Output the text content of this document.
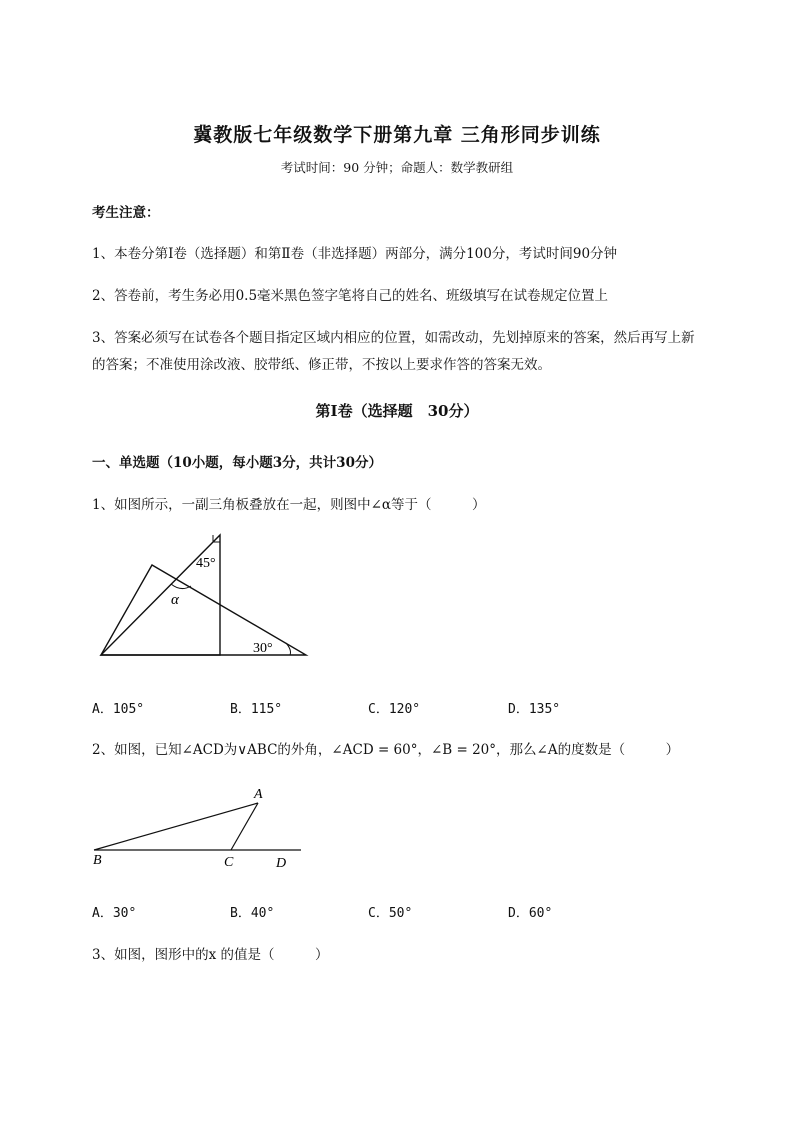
冀教版七年级数学下册第九章 三角形同步训练
考试时间：90 分钟；命题人：数学教研组
考生注意：
1、本卷分第Ⅰ卷（选择题）和第Ⅱ卷（非选择题）两部分，满分100分，考试时间90分钟
2、答卷前，考生务必用0.5毫米黑色签字笔将自己的姓名、班级填写在试卷规定位置上
3、答案必须写在试卷各个题目指定区域内相应的位置，如需改动，先划掉原来的答案，然后再写上新
的答案；不准使用涂改液、胶带纸、修正带，不按以上要求作答的答案无效。
第Ⅰ卷（选择题　30分）
一、单选题（10小题，每小题3分，共计30分）
1、如图所示，一副三角板叠放在一起，则图中∠α等于（　　　）
45°
α
30°
A．105°	B．115°	C．120°	D．135°
2、如图，已知∠ACD为∨ABC的外角，∠ACD = 60°，∠B = 20°，那么∠A的度数是（　　　）
A
B	C	D
A．30°	B．40°	C．50°	D．60°
3、如图，图形中的x 的值是（　　　）
